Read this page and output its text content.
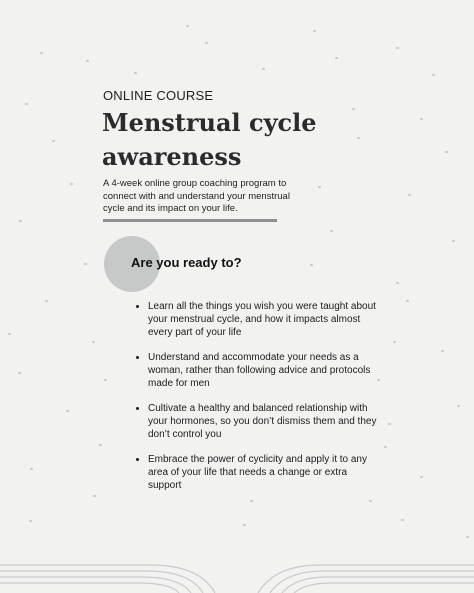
ONLINE COURSE
Menstrual cycle awareness
A 4-week online group coaching program to connect with and understand your menstrual cycle and its impact on your life.
Are you ready to?
• Learn all the things you wish you were taught about your menstrual cycle, and how it impacts almost every part of your life
• Understand and accommodate your needs as a woman, rather than following advice and protocols made for men
• Cultivate a healthy and balanced relationship with your hormones, so you don’t dismiss them and they don’t control you
• Embrace the power of cyclicity and apply it to any area of your life that needs a change or extra support
